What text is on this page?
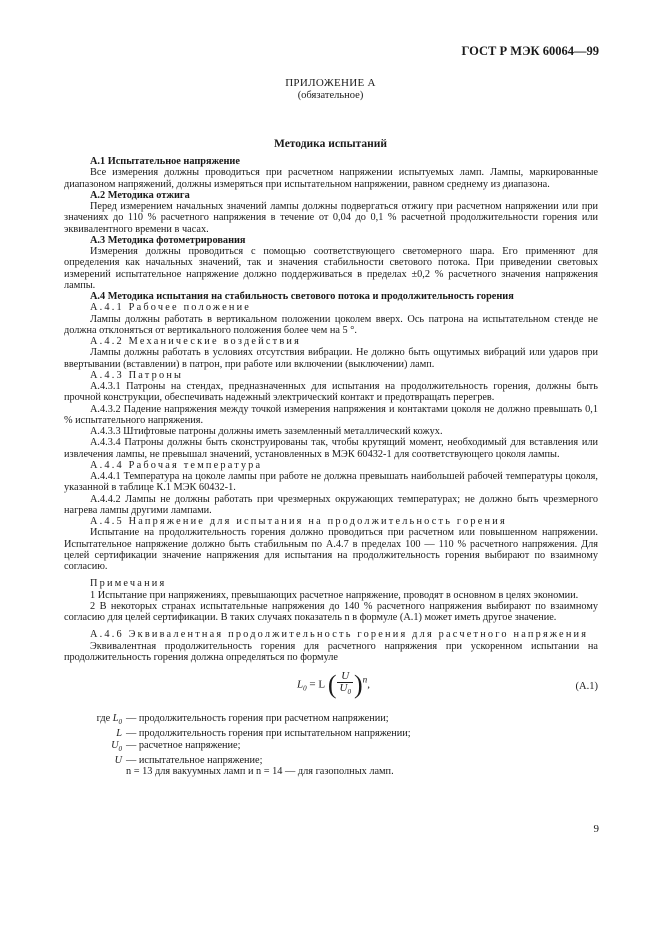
ГОСТ Р МЭК 60064—99
ПРИЛОЖЕНИЕ А
(обязательное)
Методика испытаний

А.1 Испытательное напряжение

Все измерения должны проводиться при расчетном напряжении испытуемых ламп. Лампы, маркированные диапазоном напряжений, должны измеряться при испытательном напряжении, равном среднему из диапазона.

А.2 Методика отжига

Перед измерением начальных значений лампы должны подвергаться отжигу при расчетном напряжении или при значениях до 110 % расчетного напряжения в течение от 0,04 до 0,1 % расчетной продолжительности горения или эквивалентного времени в часах.

А.3 Методика фотометрирования

Измерения должны проводиться с помощью соответствующего светомерного шара. Его применяют для определения как начальных значений, так и значения стабильности светового потока. При приведении световых измерений испытательное напряжение должно поддерживаться в пределах ±0,2 % расчетного значения напряжения лампы.

А.4 Методика испытания на стабильность светового потока и продолжительность горения

А.4.1 Рабочее положение

Лампы должны работать в вертикальном положении цоколем вверх. Ось патрона на испытательном стенде не должна отклоняться от вертикального положения более чем на 5 °.

А.4.2 Механические воздействия

Лампы должны работать в условиях отсутствия вибрации. Не должно быть ощутимых вибраций или ударов при ввертывании (вставлении) в патрон, при работе или включении (выключении) ламп.

А.4.3 Патроны

А.4.3.1 Патроны на стендах, предназначенных для испытания на продолжительность горения, должны быть прочной конструкции, обеспечивать надежный электрический контакт и предотвращать перегрев.

А.4.3.2 Падение напряжения между точкой измерения напряжения и контактами цоколя не должно превышать 0,1 % испытательного напряжения.

А.4.3.3 Штифтовые патроны должны иметь заземленный металлический кожух.

А.4.3.4 Патроны должны быть сконструированы так, чтобы крутящий момент, необходимый для вставления или извлечения лампы, не превышал значений, установленных в МЭК 60432-1 для соответствующего цоколя лампы.

А.4.4 Рабочая температура

А.4.4.1 Температура на цоколе лампы при работе не должна превышать наибольшей рабочей температуры цоколя, указанной в таблице К.1 МЭК 60432-1.

А.4.4.2 Лампы не должны работать при чрезмерных окружающих температурах; не должно быть чрезмерного нагрева лампы другими лампами.

А.4.5 Напряжение для испытания на продолжительность горения

Испытание на продолжительность горения должно проводиться при расчетном или повышенном напряжении. Испытательное напряжение должно быть стабильным по А.4.7 в пределах 100 — 110 % расчетного напряжения. Для целей сертификации значение напряжения для испытания на продолжительность горения выбирают по взаимному согласию.

Примечания

1 Испытание при напряжениях, превышающих расчетное напряжение, проводят в основном в целях экономии.

2 В некоторых странах испытательные напряжения до 140 % расчетного напряжения выбирают по взаимному согласию для целей сертификации. В таких случаях показатель n в формуле (А.1) может иметь другое значение.

А.4.6 Эквивалентная продолжительность горения для расчетного напряжения

Эквивалентная продолжительность горения для расчетного напряжения при ускоренном испытании на продолжительность горения должна определяться по формуле

$L_0 = L$ ( $\frac{U}{U_0} )^n$,	(А.1)
где $L_0$ — продолжительность горения при расчетном напряжении;
L — продолжительность горения при испытательном напряжении;
$U_0$ — расчетное напряжение;
U — испытательное напряжение;
n = 13 для вакуумных ламп и n = 14 — для газополных ламп.
9
